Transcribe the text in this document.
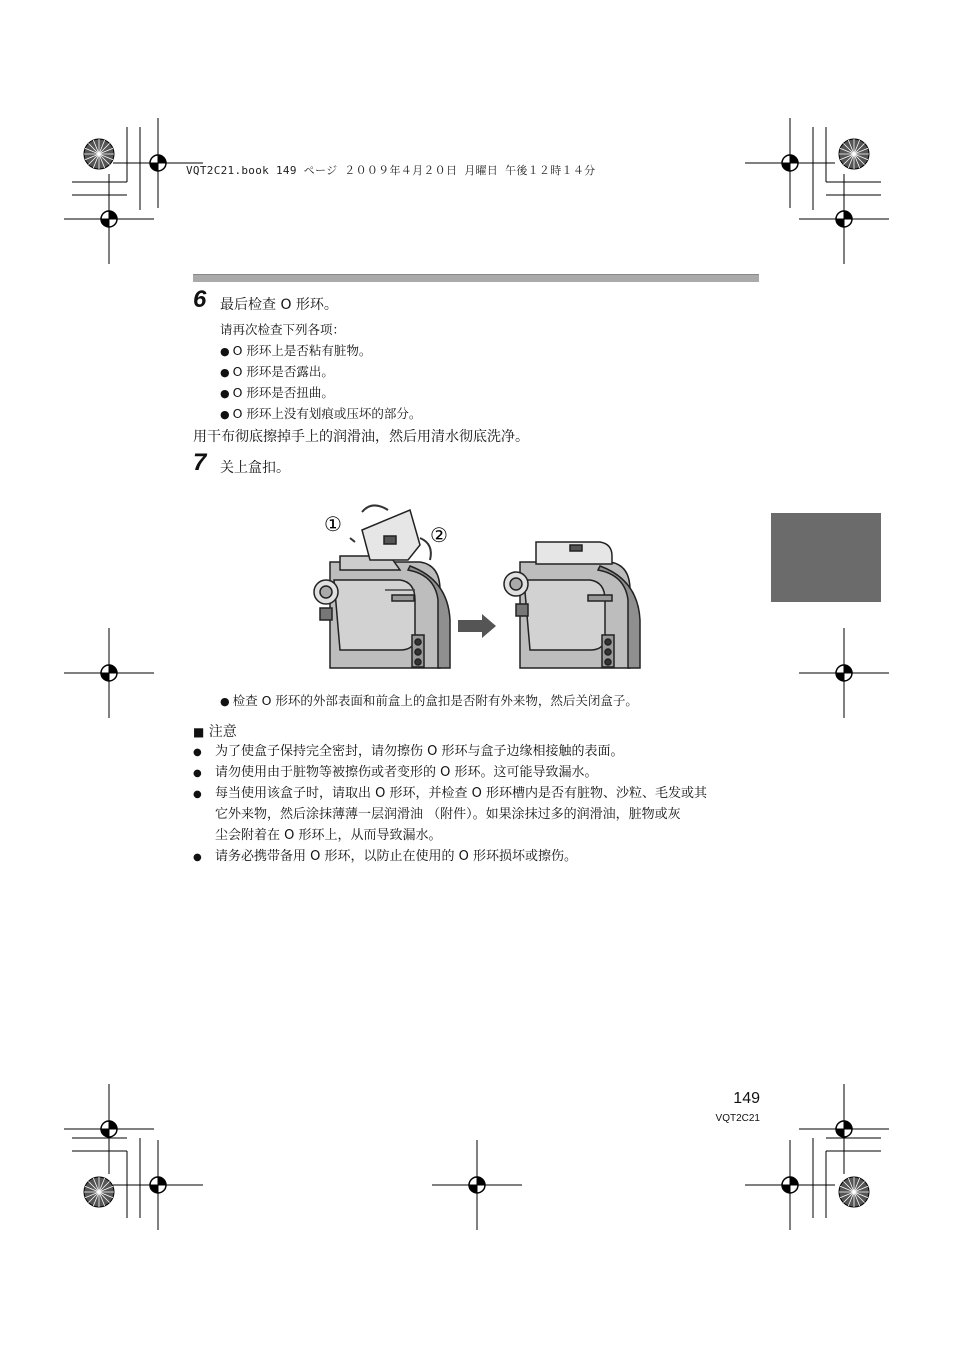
VQT2C21.book 149 ページ ２００９年４月２０日 月曜日 午後１２時１４分
6 最后检查 O 形环。
请再次检查下列各项：
● O 形环上是否粘有脏物。
● O 形环是否露出。
● O 形环是否扭曲。
● O 形环上没有划痕或压坏的部分。
用干布彻底擦掉手上的润滑油，然后用清水彻底洗净。
7 关上盒扣。
①	②
● 检查 O 形环的外部表面和前盒上的盒扣是否附有外来物，然后关闭盒子。
■ 注意
●为了使盒子保持完全密封，请勿擦伤 O 形环与盒子边缘相接触的表面。
●请勿使用由于脏物等被擦伤或者变形的 O 形环。这可能导致漏水。
●每当使用该盒子时，请取出 O 形环，并检查 O 形环槽内是否有脏物、沙粒、毛发或其
它外来物，然后涂抹薄薄一层润滑油 （附件）。如果涂抹过多的润滑油，脏物或灰
尘会附着在 O 形环上，从而导致漏水。
●请务必携带备用 O 形环，以防止在使用的 O 形环损坏或擦伤。
149
VQT2C21
